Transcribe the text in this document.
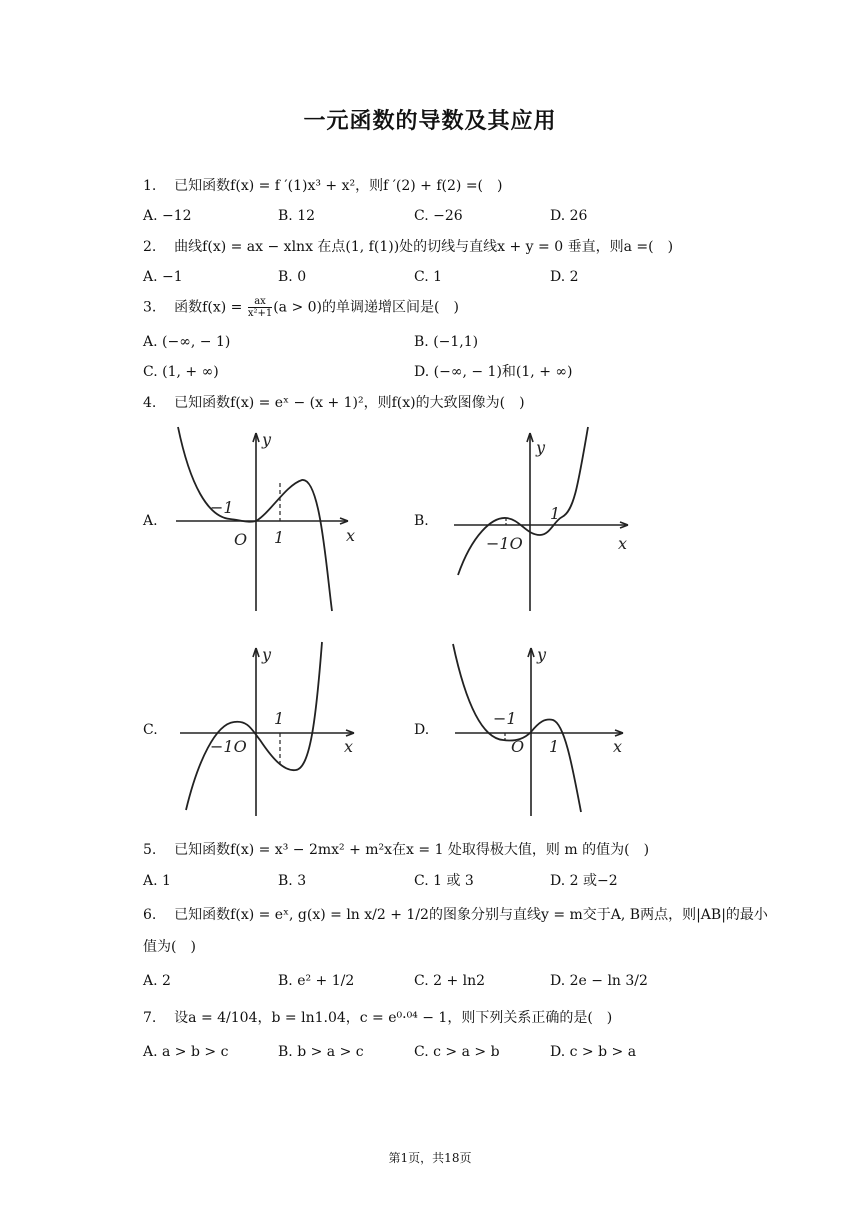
一元函数的导数及其应用
1. 已知函数f(x) = f ′(1)x³ + x²，则f ′(2) + f(2) =(　)
A. −12	B. 12	C. −26	D. 26
2. 曲线f(x) = ax − xlnx 在点(1, f(1))处的切线与直线x + y = 0 垂直，则a =(　)
A. −1	B. 0	C. 1	D. 2
3. 函数$f(x) = \frac{ax}{\text{x²+1}} (a > 0)$的单调递增区间是(　)
A. (−∞, − 1)	B. (−1,1)
C. (1, + ∞)	D. (−∞, − 1)和(1, + ∞)
4. 已知函数f(x) = eˣ − (x + 1)²，则f(x)的大致图像为(　)
A.	B.
C.	D.
y
−1
O 1	x
y
1
−1O	x
y
1
−1O	x
y
−1
O 1	x
5. 已知函数f(x) = x³ − 2mx² + m²x在x = 1 处取得极大值，则 m 的值为(　)
A. 1	B. 3	C. 1 或 3	D. 2 或−2
6. 已知函数f(x) = eˣ, g(x) = ln x/2 + 1/2的图象分别与直线y = m交于A, B两点，则|AB|的最小
值为(　)
A. 2	B. e² + 1/2	C. 2 + ln2	D. 2e − ln 3/2
7. 设a = 4/104，b = ln1.04，c = e⁰·⁰⁴ − 1，则下列关系正确的是(　)
A. a > b > c	B. b > a > c	C. c > a > b	D. c > b > a
第1页，共18页
